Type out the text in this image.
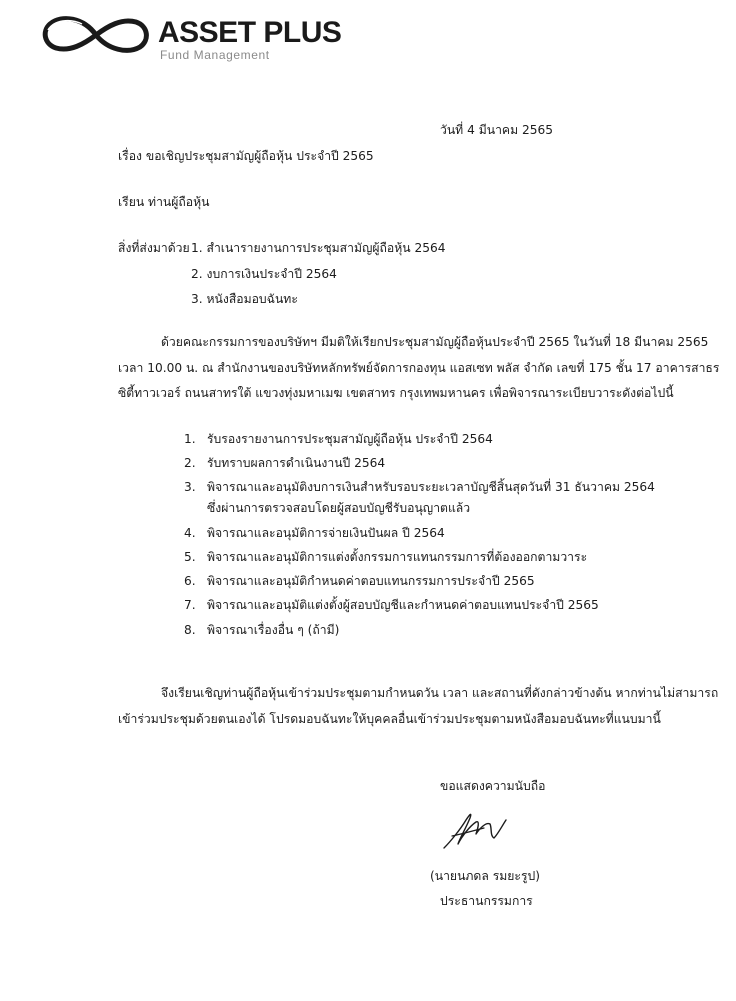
ASSET PLUS
Fund Management
วันที่ 4 มีนาคม 2565
เรื่อง ขอเชิญประชุมสามัญผู้ถือหุ้น ประจำปี 2565
เรียน ท่านผู้ถือหุ้น
สิ่งที่ส่งมาด้วย 1. สำเนารายงานการประชุมสามัญผู้ถือหุ้น 2564
2. งบการเงินประจำปี 2564
3. หนังสือมอบฉันทะ
ด้วยคณะกรรมการของบริษัทฯ มีมติให้เรียกประชุมสามัญผู้ถือหุ้นประจำปี 2565 ในวันที่ 18 มีนาคม 2565
เวลา 10.00 น. ณ สำนักงานของบริษัทหลักทรัพย์จัดการกองทุน แอสเซท พลัส จำกัด เลขที่ 175 ชั้น 17 อาคารสาธร
ซิตี้ทาวเวอร์ ถนนสาทรใต้ แขวงทุ่งมหาเมฆ เขตสาทร กรุงเทพมหานคร เพื่อพิจารณาระเบียบวาระดังต่อไปนี้
1. รับรองรายงานการประชุมสามัญผู้ถือหุ้น ประจำปี 2564
2. รับทราบผลการดำเนินงานปี 2564
3. พิจารณาและอนุมัติงบการเงินสำหรับรอบระยะเวลาบัญชีสิ้นสุดวันที่ 31 ธันวาคม 2564
ซึ่งผ่านการตรวจสอบโดยผู้สอบบัญชีรับอนุญาตแล้ว
4. พิจารณาและอนุมัติการจ่ายเงินปันผล ปี 2564
5. พิจารณาและอนุมัติการแต่งตั้งกรรมการแทนกรรมการที่ต้องออกตามวาระ
6. พิจารณาและอนุมัติกำหนดค่าตอบแทนกรรมการประจำปี 2565
7. พิจารณาและอนุมัติแต่งตั้งผู้สอบบัญชีและกำหนดค่าตอบแทนประจำปี 2565
8. พิจารณาเรื่องอื่น ๆ (ถ้ามี)
จึงเรียนเชิญท่านผู้ถือหุ้นเข้าร่วมประชุมตามกำหนดวัน เวลา และสถานที่ดังกล่าวข้างต้น หากท่านไม่สามารถ
เข้าร่วมประชุมด้วยตนเองได้ โปรดมอบฉันทะให้บุคคลอื่นเข้าร่วมประชุมตามหนังสือมอบฉันทะที่แนบมานี้
ขอแสดงความนับถือ
(นายนภดล รมยะรูป)
ประธานกรรมการ
